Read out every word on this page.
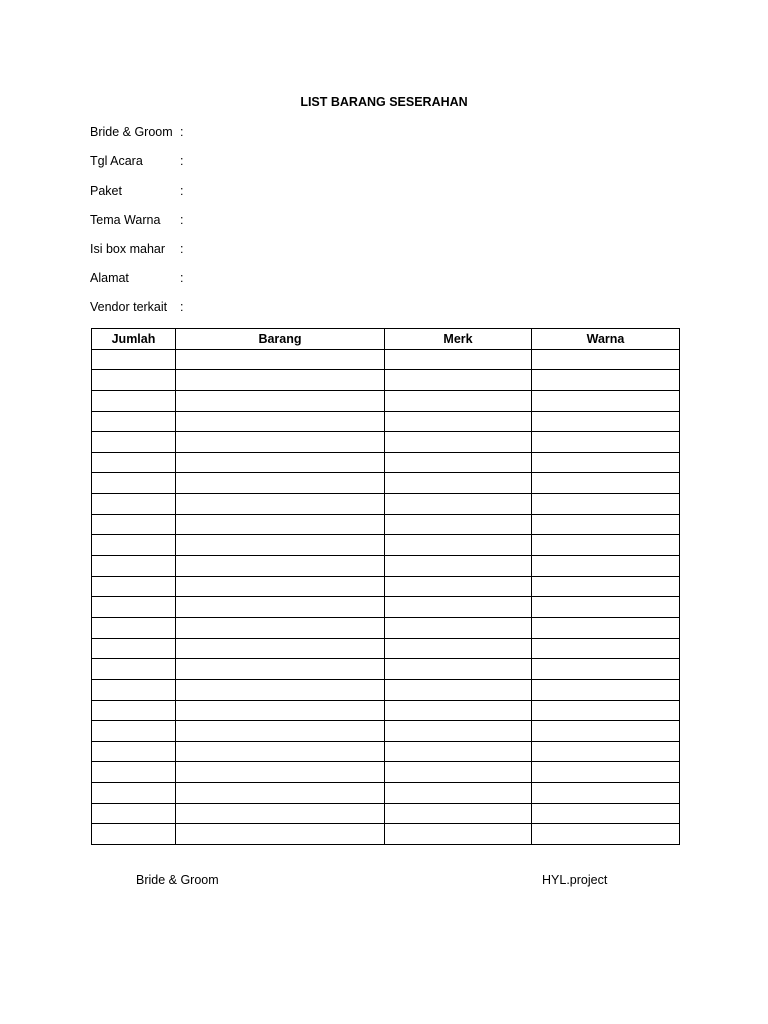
LIST BARANG SESERAHAN
Bride & Groom :
Tgl Acara	:
Paket	:
Tema Warna :
Isi box mahar :
Alamat	:
Vendor terkait :
Jumlah	Barang	Merk	Warna

Bride & Groom	HYL.project
